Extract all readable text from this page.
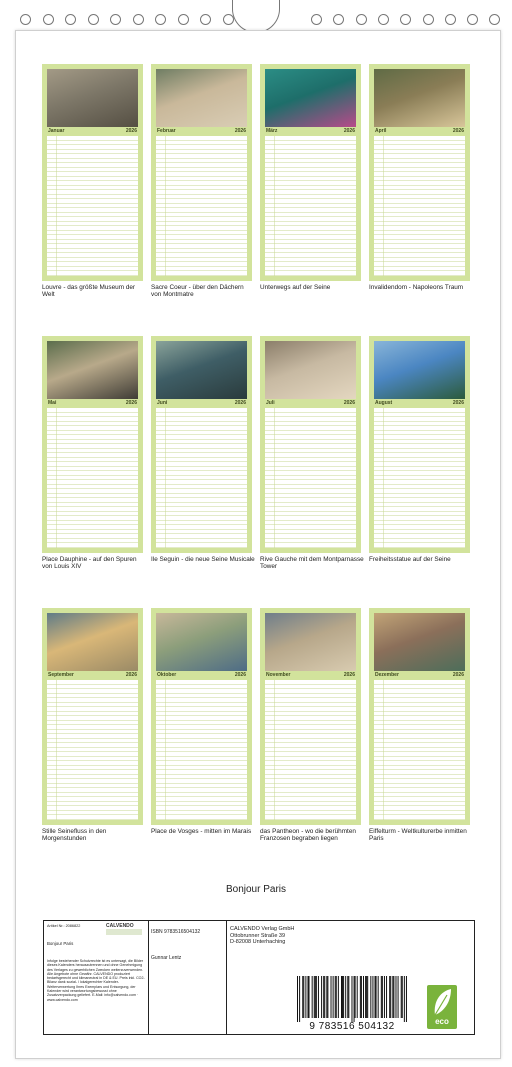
Januar	2026
Louvre - das größte Museum der Welt
Februar	2026
Sacre Coeur - über den Dächern von Montmatre
März	2026
Unterwegs auf der Seine
April	2026
Invalidendom - Napoleons Traum
Mai	2026
Place Dauphine - auf den Spuren von Louis XIV
Juni	2026
Ile Seguin - die neue Seine Musicale
Juli	2026
Rive Gauche mit dem Montparnasse Tower
August	2026
Freiheitsstatue auf der Seine
September	2026
Stille Seinefluss in den Morgenstunden
Oktober	2026
Place de Vosges - mitten im Marais
November	2026
das Pantheon - wo die berühmten Franzosen begraben liegen
Dezember	2026
Eiffelturm - Weltkulturerbe inmitten Paris
Bonjour Paris
Artikel Nr.: 2086822	CALVENDO
Bonjour Paris
Infolge bestehender Schutzrechte ist es untersagt, die Bilder dieses Kalenders herauszutrennen und ohne Genehmigung des Verlages zu gewerblichen Zwecken weiterzuverwenden. Alle Angebote ohne Gewähr. CALVENDO produziert bedarfsgerecht und klimaneutral in DE & EU. Preis inkl. CO2-Bilanz dank sozial- / lokalgerechter Kalender-Weiterverwertung Ihres Exemplars und Entsorgung, der Kalender wird verantwortungsbewusst ohne Zusatzverpackung geliefert. E-Mail: info@calvendo.com · www.calvendo.com
ISBN 9783516504132
Gunnar Lentz
CALVENDO Verlag GmbH
Ottobrunner Straße 39
D-82008 Unterhaching
9 783516 504132	eco
